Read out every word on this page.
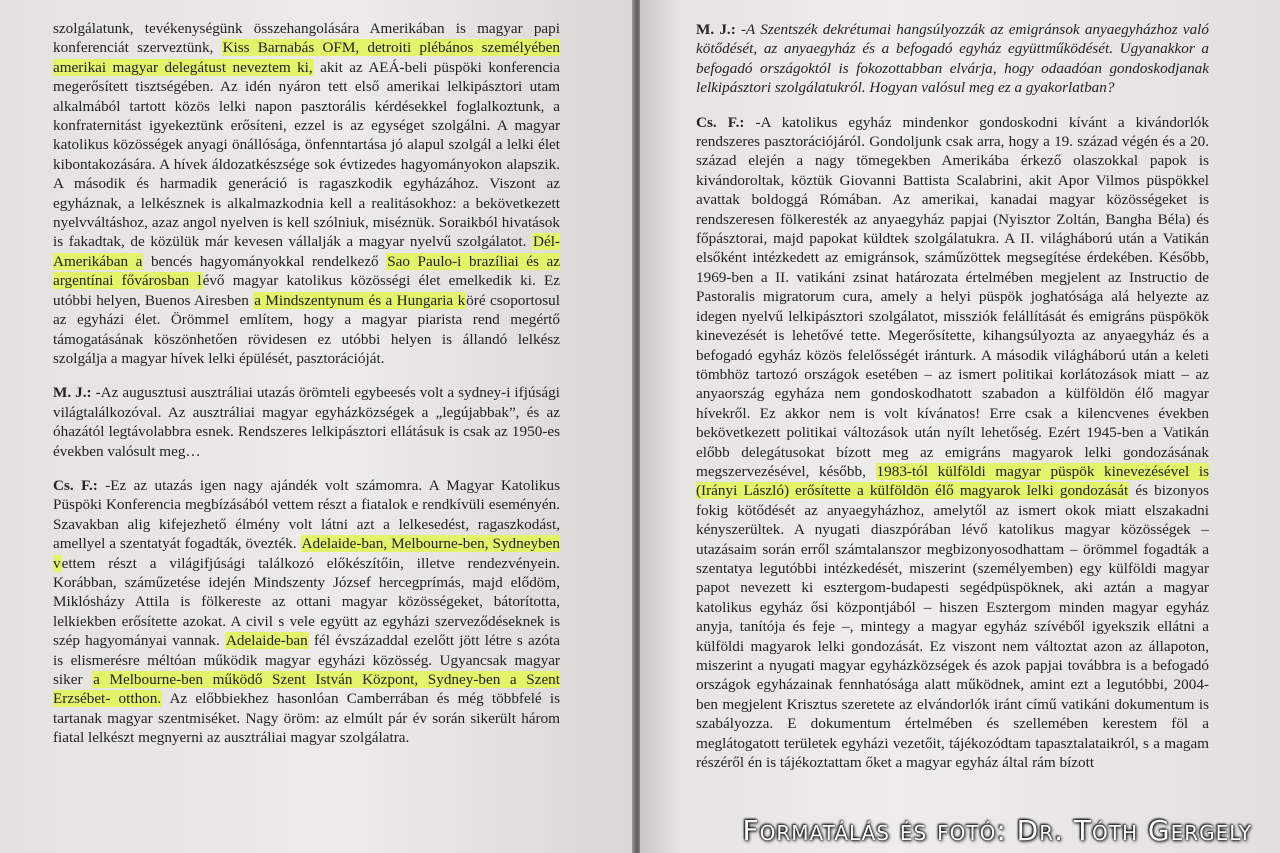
szolgálatunk, tevékenységünk összehangolására Amerikában is magyar papi konferenciát szerveztünk, Kiss Barnabás OFM, detroiti plébános személyében amerikai magyar delegátust neveztem ki, akit az AEÁ-beli püspöki konferencia megerősített tisztségében. Az idén nyáron tett első amerikai lelkipásztori utam alkalmából tartott közös lelki napon pasztorális kérdésekkel foglalkoztunk, a konfraternitást igyekeztünk erősíteni, ezzel is az egységet szolgálni. A magyar katolikus közösségek anyagi önállósága, önfenntartása jó alapul szolgál a lelki élet kibontakozására. A hívek áldozatkészsége sok évtizedes hagyományokon alapszik. A második és harmadik generáció is ragaszkodik egyházához. Viszont az egyháznak, a lelkésznek is alkalmazkodnia kell a realitásokhoz: a bekövetkezett nyelvváltáshoz, azaz angol nyelven is kell szólniuk, miséznük. Soraikból hivatások is fakadtak, de közülük már kevesen vállalják a magyar nyelvű szolgálatot. Dél-Amerikában a bencés hagyományokkal rendelkező Sao Paulo-i brazíliai és az argentínai fővárosban lévő magyar katolikus közösségi élet emelkedik ki. Ez utóbbi helyen, Buenos Airesben a Mindszentynum és a Hungaria köré csoportosul az egyházi élet. Örömmel említem, hogy a magyar piarista rend megértő támogatásának köszönhetően rövidesen ez utóbbi helyen is állandó lelkész szolgálja a magyar hívek lelki épülését, pasztorációját.

M. J.: -Az augusztusi ausztráliai utazás örömteli egybeesés volt a sydney-i ifjúsági világtalálkozóval. Az ausztráliai magyar egyházközségek a „legújabbak”, és az óhazától legtávolabbra esnek. Rendszeres lelkipásztori ellátásuk is csak az 1950-es években valósult meg…

Cs. F.: -Ez az utazás igen nagy ajándék volt számomra. A Magyar Katolikus Püspöki Konferencia megbízásából vettem részt a fiatalok e rendkívüli eseményén. Szavakban alig kifejezhető élmény volt látni azt a lelkesedést, ragaszkodást, amellyel a szentatyát fogadták, övezték. Adelaide-ban, Melbourne-ben, Sydneyben vettem részt a világifjúsági találkozó előkészítőin, illetve rendezvényein. Korábban, száműzetése idején Mindszenty József hercegprímás, majd elődöm, Miklósházy Attila is fölkereste az ottani magyar közösségeket, bátorította, lelkiekben erősítette azokat. A civil s vele együtt az egyházi szerveződéseknek is szép hagyományai vannak. Adelaide-ban fél évszázaddal ezelőtt jött létre s azóta is elismerésre méltóan működik magyar egyházi közösség. Ugyancsak magyar siker a Melbourne-ben működő Szent István Központ, Sydney-ben a Szent Erzsébet- otthon. Az előbbiekhez hasonlóan Camberrában és még többfelé is tartanak magyar szentmiséket. Nagy öröm: az elmúlt pár év során sikerült három fiatal lelkészt megnyerni az ausztráliai magyar szolgálatra.

M. J.: -A Szentszék dekrétumai hangsúlyozzák az emigránsok anyaegyházhoz való kötődését, az anyaegyház és a befogadó egyház együttműködését. Ugyanakkor a befogadó országoktól is fokozottabban elvárja, hogy odaadóan gondoskodjanak lelkipásztori szolgálatukról. Hogyan valósul meg ez a gyakorlatban?

Cs. F.: -A katolikus egyház mindenkor gondoskodni kívánt a kivándorlók rendszeres pasztorációjáról. Gondoljunk csak arra, hogy a 19. század végén és a 20. század elején a nagy tömegekben Amerikába érkező olaszokkal papok is kivándoroltak, köztük Giovanni Battista Scalabrini, akit Apor Vilmos püspökkel avattak boldoggá Rómában. Az amerikai, kanadai magyar közösségeket is rendszeresen fölkeresték az anyaegyház papjai (Nyisztor Zoltán, Bangha Béla) és főpásztorai, majd papokat küldtek szolgálatukra. A II. világháború után a Vatikán elsőként intézkedett az emigránsok, száműzöttek megsegítése érdekében. Később, 1969-ben a II. vatikáni zsinat határozata értelmében megjelent az Instructio de Pastoralis migratorum cura, amely a helyi püspök joghatósága alá helyezte az idegen nyelvű lelkipásztori szolgálatot, missziók felállítását és emigráns püspökök kinevezését is lehetővé tette. Megerősítette, kihangsúlyozta az anyaegyház és a befogadó egyház közös felelősségét iránturk. A második világháború után a keleti tömbhöz tartozó országok esetében – az ismert politikai korlátozások miatt – az anyaország egyháza nem gondoskodhatott szabadon a külföldön élő magyar hívekről. Ez akkor nem is volt kívánatos! Erre csak a kilencvenes években bekövetkezett politikai változások után nyílt lehetőség. Ezért 1945-ben a Vatikán előbb delegátusokat bízott meg az emigráns magyarok lelki gondozásának megszervezésével, később, 1983-tól külföldi magyar püspök kinevezésével is (Irányi László) erősítette a külföldön élő magyarok lelki gondozását és bizonyos fokig kötődését az anyaegyházhoz, amelytől az ismert okok miatt elszakadni kényszerültek. A nyugati diaszpórában lévő katolikus magyar közösségek – utazásaim során erről számtalanszor megbizonyosodhattam – örömmel fogadták a szentatya legutóbbi intézkedését, miszerint (személyemben) egy külföldi magyar papot nevezett ki esztergom-budapesti segédpüspöknek, aki aztán a magyar katolikus egyház ősi központjából – hiszen Esztergom minden magyar egyház anyja, tanítója és feje –, mintegy a magyar egyház szívéből igyekszik ellátni a külföldi magyarok lelki gondozását. Ez viszont nem változtat azon az állapoton, miszerint a nyugati magyar egyházközségek és azok papjai továbbra is a befogadó országok egyházainak fennhatósága alatt működnek, amint ezt a legutóbbi, 2004- ben megjelent Krisztus szeretete az elvándorlók iránt című vatikáni dokumentum is szabályozza. E dokumentum értelmében és szellemében kerestem föl a meglátogatott területek egyházi vezetőit, tájékozódtam tapasztalataikról, s a magam részéről én is tájékoztattam őket a magyar egyház által rám bízott

Formatálás és fotó: Dr. Tóth Gergely
